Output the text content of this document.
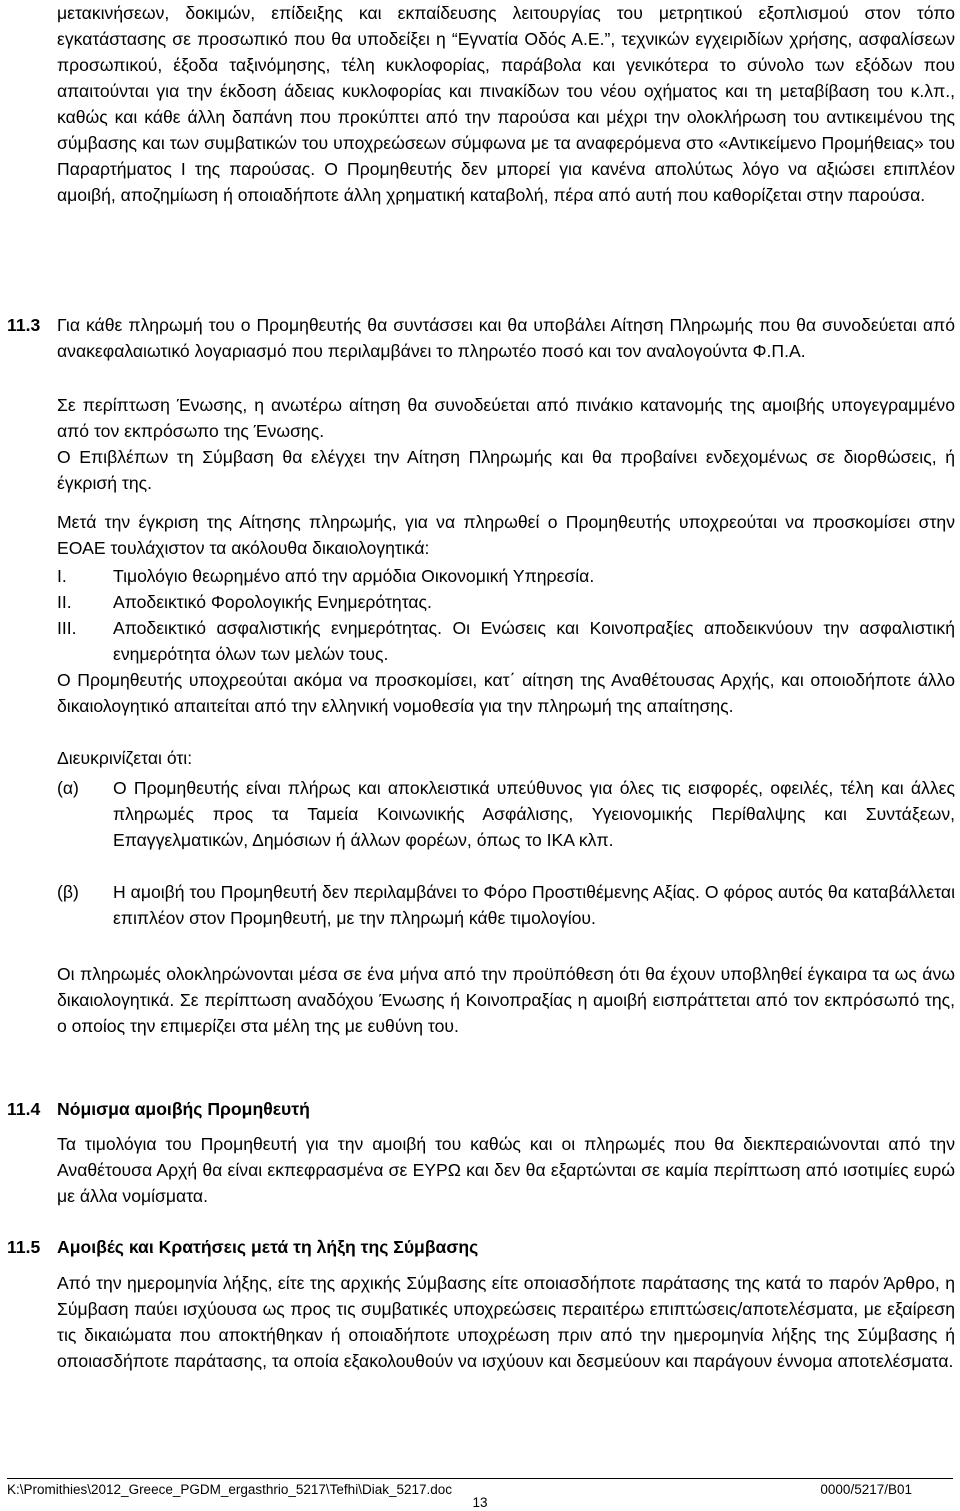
μετακινήσεων, δοκιμών, επίδειξης και εκπαίδευσης λειτουργίας του μετρητικού εξοπλισμού στον τόπο εγκατάστασης σε προσωπικό που θα υποδείξει η “Εγνατία Οδός Α.Ε.”, τεχνικών εγχειριδίων χρήσης, ασφαλίσεων προσωπικού, έξοδα ταξινόμησης, τέλη κυκλοφορίας, παράβολα και γενικότερα το σύνολο των εξόδων που απαιτούνται για την έκδοση άδειας κυκλοφορίας και πινακίδων του νέου οχήματος και τη μεταβίβαση του κ.λπ., καθώς και κάθε άλλη δαπάνη που προκύπτει από την παρούσα και μέχρι την ολοκλήρωση του αντικειμένου της σύμβασης και των συμβατικών του υποχρεώσεων σύμφωνα με τα αναφερόμενα στο «Αντικείμενο Προμήθειας» του Παραρτήματος Ι της παρούσας. Ο Προμηθευτής δεν μπορεί για κανένα απολύτως λόγο να αξιώσει επιπλέον αμοιβή, αποζημίωση ή οποιαδήποτε άλλη χρηματική καταβολή, πέρα από αυτή που καθορίζεται στην παρούσα.

11.3 Για κάθε πληρωμή του ο Προμηθευτής θα συντάσσει και θα υποβάλει Αίτηση Πληρωμής που θα συνοδεύεται από ανακεφαλαιωτικό λογαριασμό που περιλαμβάνει το πληρωτέο ποσό και τον αναλογούντα Φ.Π.Α.

Σε περίπτωση Ένωσης, η ανωτέρω αίτηση θα συνοδεύεται από πινάκιο κατανομής της αμοιβής υπογεγραμμένο από τον εκπρόσωπο της Ένωσης.

Ο Επιβλέπων τη Σύμβαση θα ελέγχει την Αίτηση Πληρωμής και θα προβαίνει ενδεχομένως σε διορθώσεις, ή έγκρισή της.

Μετά την έγκριση της Αίτησης πληρωμής, για να πληρωθεί ο Προμηθευτής υποχρεούται να προσκομίσει στην ΕΟΑΕ τουλάχιστον τα ακόλουθα δικαιολογητικά:

Ι.	Τιμολόγιο θεωρημένο από την αρμόδια Οικονομική Υπηρεσία.

ΙΙ. Αποδεικτικό Φορολογικής Ενημερότητας.

ΙΙΙ. Αποδεικτικό ασφαλιστικής ενημερότητας. Οι Ενώσεις και Κοινοπραξίες αποδεικνύουν την ασφαλιστική ενημερότητα όλων των μελών τους.

Ο Προμηθευτής υποχρεούται ακόμα να προσκομίσει, κατ΄ αίτηση της Αναθέτουσας Αρχής, και οποιοδήποτε άλλο δικαιολογητικό απαιτείται από την ελληνική νομοθεσία για την πληρωμή της απαίτησης.

Διευκρινίζεται ότι:

(α) Ο Προμηθευτής είναι πλήρως και αποκλειστικά υπεύθυνος για όλες τις εισφορές, οφειλές, τέλη και άλλες πληρωμές προς τα Ταμεία Κοινωνικής Ασφάλισης, Υγειονομικής Περίθαλψης και Συντάξεων, Επαγγελματικών, Δημόσιων ή άλλων φορέων, όπως το ΙΚΑ κλπ.

(β) Η αμοιβή του Προμηθευτή δεν περιλαμβάνει το Φόρο Προστιθέμενης Αξίας. Ο φόρος αυτός θα καταβάλλεται επιπλέον στον Προμηθευτή, με την πληρωμή κάθε τιμολογίου.

Οι πληρωμές ολοκληρώνονται μέσα σε ένα μήνα από την προϋπόθεση ότι θα έχουν υποβληθεί έγκαιρα τα ως άνω δικαιολογητικά. Σε περίπτωση αναδόχου Ένωσης ή Κοινοπραξίας η αμοιβή εισπράττεται από τον εκπρόσωπό της, ο οποίος την επιμερίζει στα μέλη της με ευθύνη του.

11.4 Νόμισμα αμοιβής Προμηθευτή

Τα τιμολόγια του Προμηθευτή για την αμοιβή του καθώς και οι πληρωμές που θα διεκπεραιώνονται από την Αναθέτουσα Αρχή θα είναι εκπεφρασμένα σε ΕΥΡΩ και δεν θα εξαρτώνται σε καμία περίπτωση από ισοτιμίες ευρώ με άλλα νομίσματα.

11.5 Αμοιβές και Κρατήσεις μετά τη λήξη της Σύμβασης

Από την ημερομηνία λήξης, είτε της αρχικής Σύμβασης είτε οποιασδήποτε παράτασης της κατά το παρόν Άρθρο, η Σύμβαση παύει ισχύουσα ως προς τις συμβατικές υποχρεώσεις περαιτέρω επιπτώσεις/αποτελέσματα, με εξαίρεση τις δικαιώματα που αποκτήθηκαν ή οποιαδήποτε υποχρέωση πριν από την ημερομηνία λήξης της Σύμβασης ή οποιασδήποτε παράτασης, τα οποία εξακολουθούν να ισχύουν και δεσμεύουν και παράγουν έννομα αποτελέσματα.

K:\Promithies\2012_Greece_PGDM_ergasthrio_5217\Tefhi\Diak_5217.doc	0000/5217/B01
13
